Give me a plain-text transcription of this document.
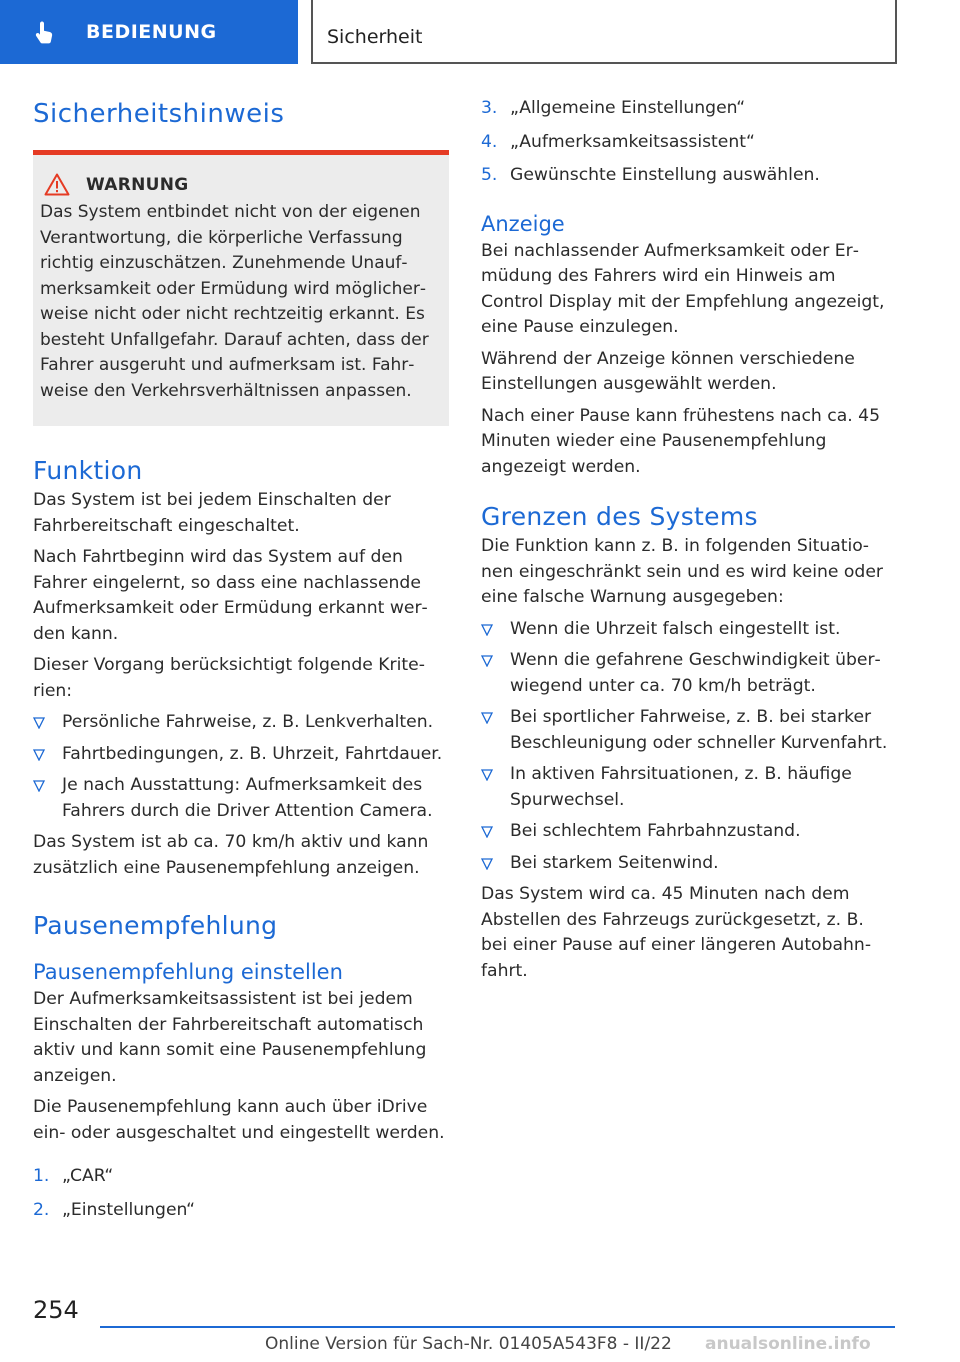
BEDIENUNG	Sicherheit
Sicherheitshinweis
WARNUNG

Das System entbindet nicht von der eigenen Verantwortung, die körperliche Verfassung richtig einzuschätzen. Zunehmende Unaufmerksamkeit oder Ermüdung wird möglicherweise nicht oder nicht rechtzeitig erkannt. Es besteht Unfallgefahr. Darauf achten, dass der Fahrer ausgeruht und aufmerksam ist. Fahrweise den Verkehrsverhältnissen anpassen.

Funktion

Das System ist bei jedem Einschalten der Fahrbereitschaft eingeschaltet.

Nach Fahrtbeginn wird das System auf den Fahrer eingelernt, so dass eine nachlassende Aufmerksamkeit oder Ermüdung erkannt werden kann.

Dieser Vorgang berücksichtigt folgende Kriterien:

Persönliche Fahrweise, z. B. Lenkverhalten.
Fahrtbedingungen, z. B. Uhrzeit, Fahrtdauer.
Je nach Ausstattung: Aufmerksamkeit des Fahrers durch die Driver Attention Camera.

Das System ist ab ca. 70 km/h aktiv und kann zusätzlich eine Pausenempfehlung anzeigen.

Pausenempfehlung
Pausenempfehlung einstellen

Der Aufmerksamkeitsassistent ist bei jedem Einschalten der Fahrbereitschaft automatisch aktiv und kann somit eine Pausenempfehlung anzeigen.

Die Pausenempfehlung kann auch über iDrive ein- oder ausgeschaltet und eingestellt werden.

1. „CAR“
2. „Einstellungen“
3. „Allgemeine Einstellungen“
4. „Aufmerksamkeitsassistent“
5. Gewünschte Einstellung auswählen.
Anzeige

Bei nachlassender Aufmerksamkeit oder Ermüdung des Fahrers wird ein Hinweis am Control Display mit der Empfehlung angezeigt, eine Pause einzulegen.

Während der Anzeige können verschiedene Einstellungen ausgewählt werden.

Nach einer Pause kann frühestens nach ca. 45 Minuten wieder eine Pausenempfehlung angezeigt werden.

Grenzen des Systems

Die Funktion kann z. B. in folgenden Situationen eingeschränkt sein und es wird keine oder eine falsche Warnung ausgegeben:

Wenn die Uhrzeit falsch eingestellt ist.
Wenn die gefahrene Geschwindigkeit überwiegend unter ca. 70 km/h beträgt.
Bei sportlicher Fahrweise, z. B. bei starker Beschleunigung oder schneller Kurvenfahrt.
In aktiven Fahrsituationen, z. B. häufige Spurwechsel.
Bei schlechtem Fahrbahnzustand.
Bei starkem Seitenwind.

Das System wird ca. 45 Minuten nach dem Abstellen des Fahrzeugs zurückgesetzt, z. B. bei einer Pause auf einer längeren Autobahnfahrt.

254
Online Version für Sach-Nr. 01405A543F8 - II/22 anualsonline.info
